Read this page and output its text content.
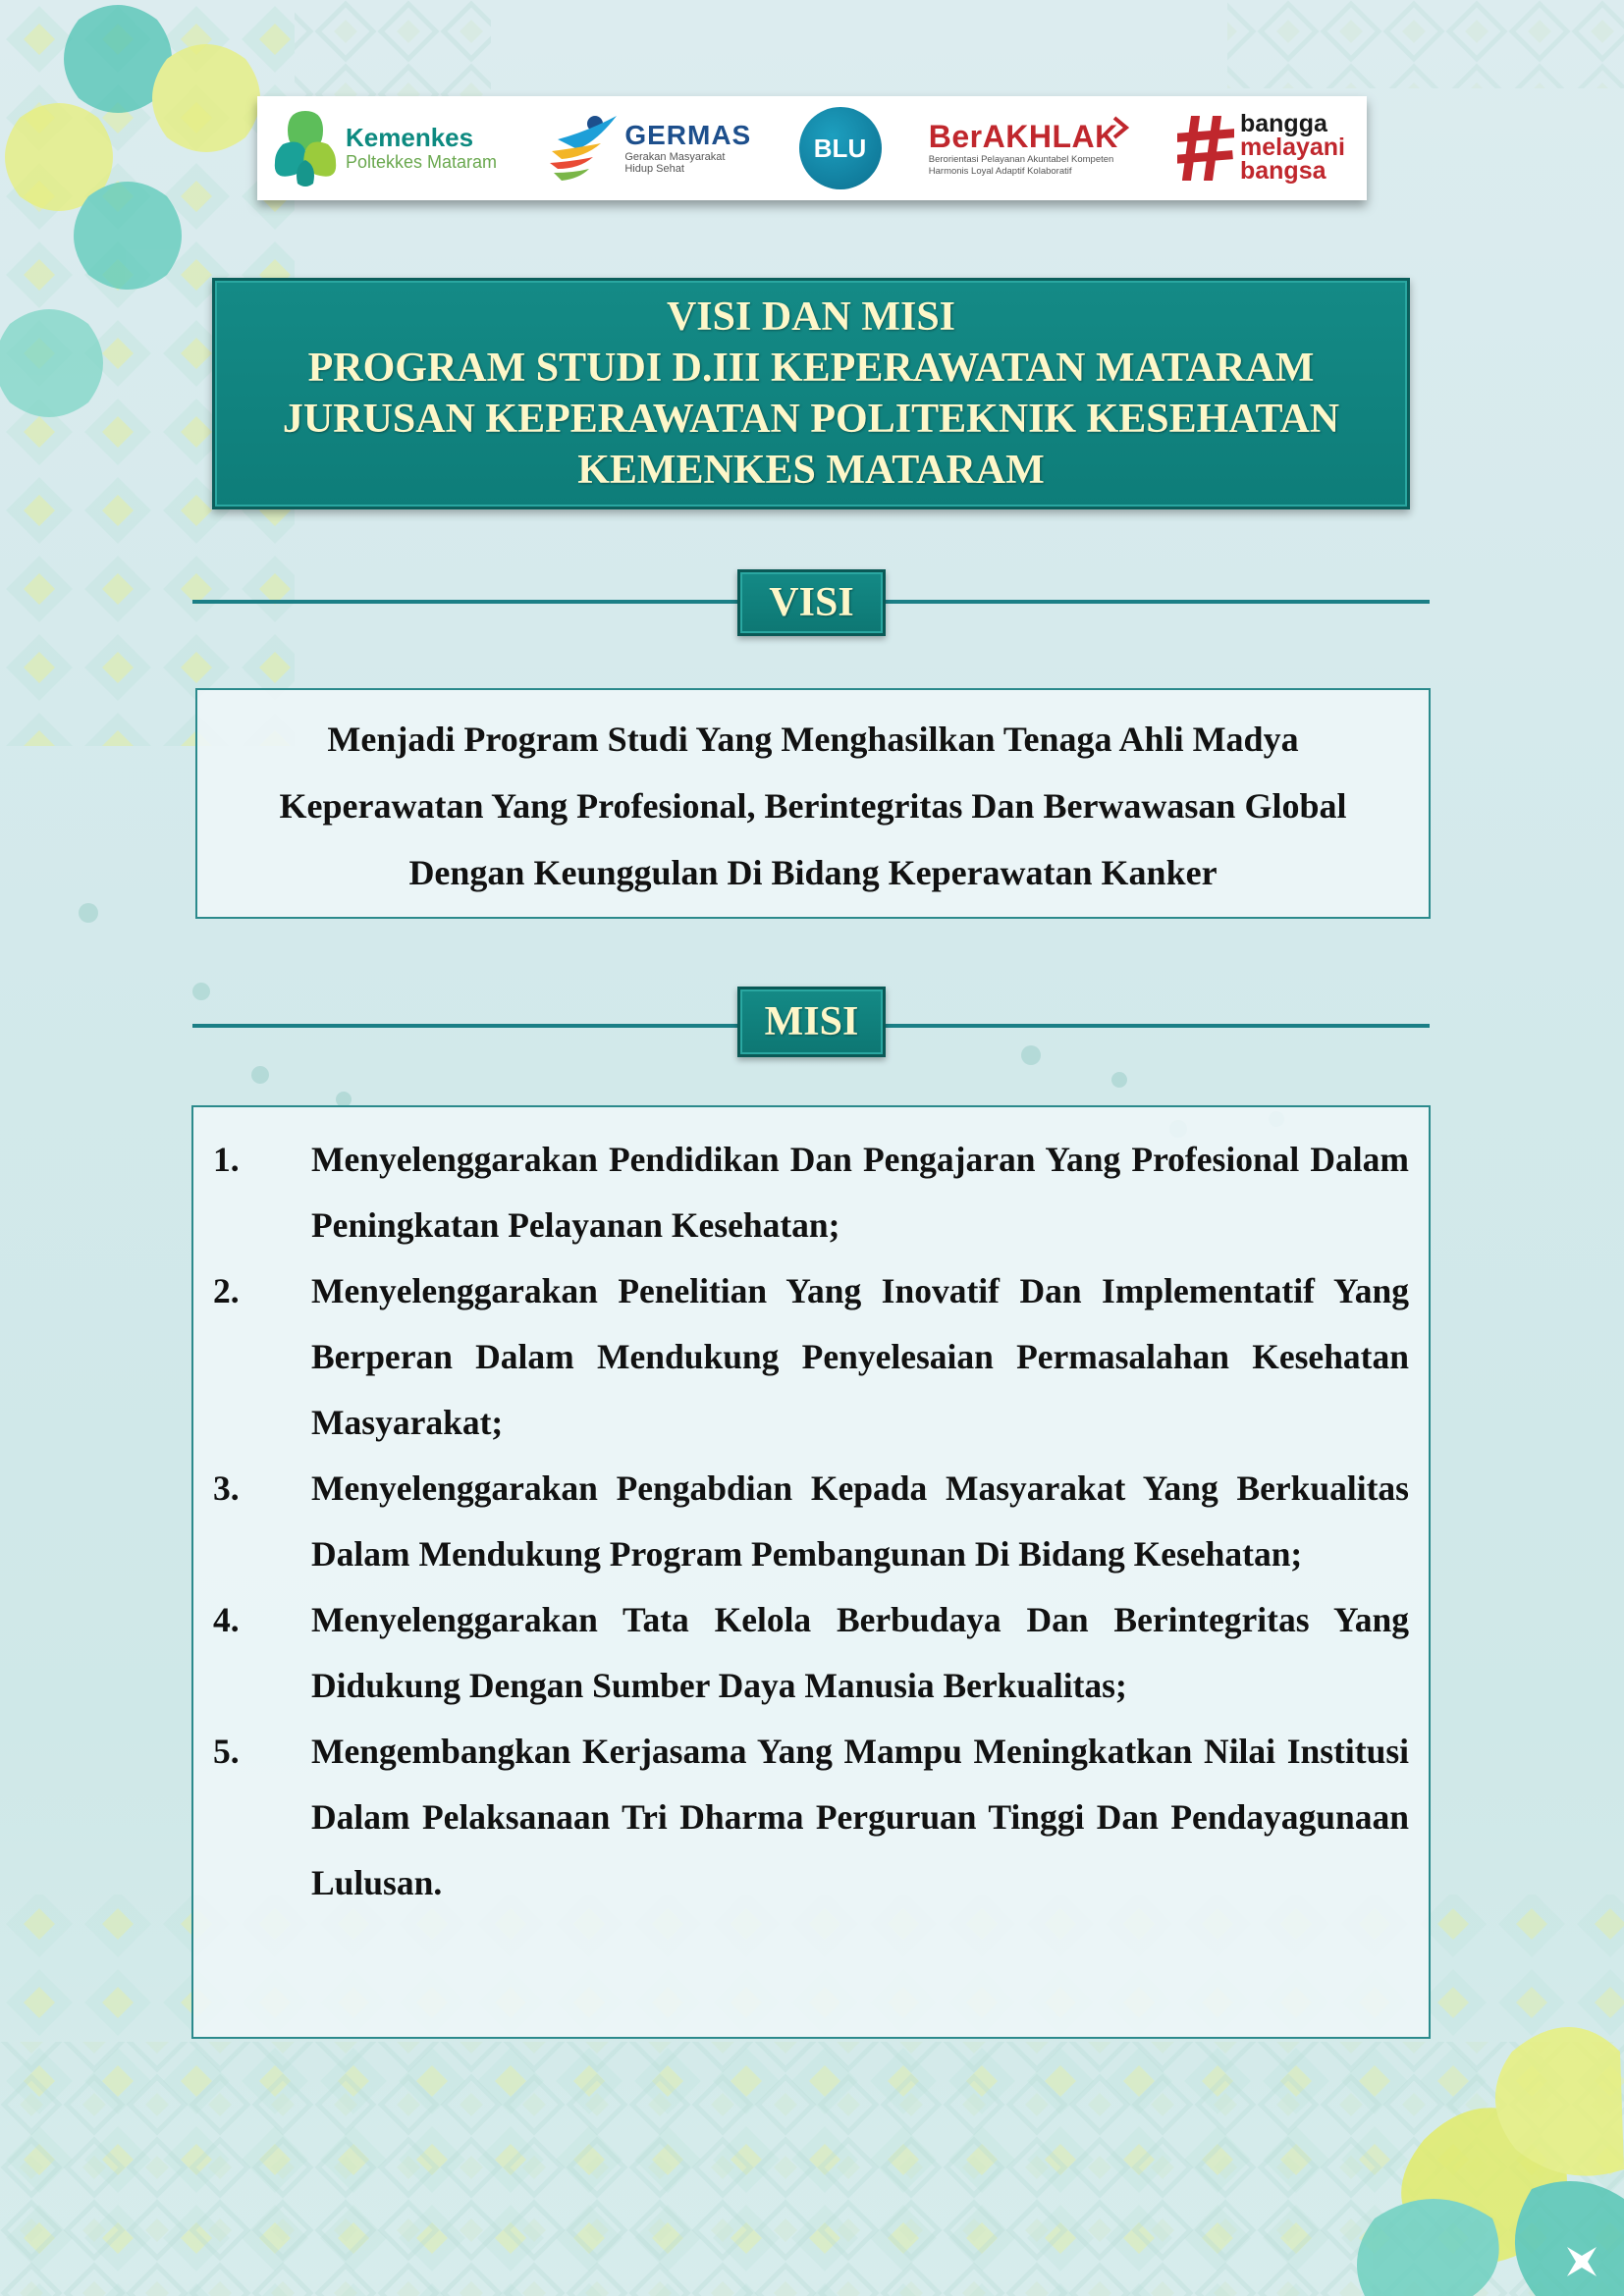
Kemenkes
Poltekkes Mataram
GERMAS
Gerakan Masyarakat
Hidup Sehat
BLU	BerAKHLAK
Berorientasi Pelayanan Akuntabel Kompeten
Harmonis Loyal Adaptif Kolaboratif
bangga
melayani
bangsa
VISI DAN MISI
PROGRAM STUDI D.III KEPERAWATAN MATARAM
JURUSAN KEPERAWATAN POLITEKNIK KESEHATAN
KEMENKES MATARAM
VISI
Menjadi Program Studi Yang Menghasilkan Tenaga Ahli Madya
Keperawatan Yang Profesional, Berintegritas Dan Berwawasan Global
Dengan Keunggulan Di Bidang Keperawatan Kanker
MISI
1.	Menyelenggarakan Pendidikan Dan Pengajaran Yang Profesional Dalam Peningkatan Pelayanan Kesehatan;
2.	Menyelenggarakan Penelitian Yang Inovatif Dan Implementatif Yang Berperan Dalam Mendukung Penyelesaian Permasalahan Kesehatan Masyarakat;
3.	Menyelenggarakan Pengabdian Kepada Masyarakat Yang Berkualitas Dalam Mendukung Program Pembangunan Di Bidang Kesehatan;
4.	Menyelenggarakan Tata Kelola Berbudaya Dan Berintegritas Yang Didukung Dengan Sumber Daya Manusia Berkualitas;
5.	Mengembangkan Kerjasama Yang Mampu Meningkatkan Nilai Institusi Dalam Pelaksanaan Tri Dharma Perguruan Tinggi Dan Pendayagunaan Lulusan.
